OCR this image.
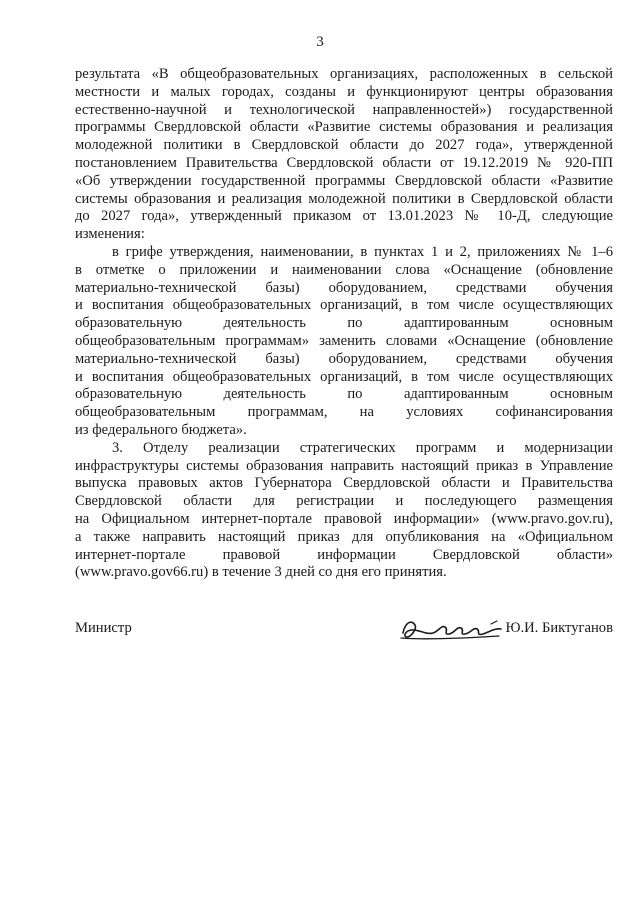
3

результата «В общеобразовательных организациях, расположенных в сельской

местности и малых городах, созданы и функционируют центры образования

естественно-научной и технологической направленностей») государственной

программы Свердловской области «Развитие системы образования и реализация

молодежной политики в Свердловской области до 2027 года», утвержденной

постановлением Правительства Свердловской области от 19.12.2019 № 920-ПП

«Об утверждении государственной программы Свердловской области «Развитие

системы образования и реализация молодежной политики в Свердловской области

до 2027 года», утвержденный приказом от 13.01.2023 № 10-Д, следующие

изменения:

в грифе утверждения, наименовании, в пунктах 1 и 2, приложениях № 1–6

в отметке о приложении и наименовании слова «Оснащение (обновление

материально-технической базы) оборудованием, средствами обучения

и воспитания общеобразовательных организаций, в том числе осуществляющих

образовательную деятельность по адаптированным основным

общеобразовательным программам» заменить словами «Оснащение (обновление

материально-технической базы) оборудованием, средствами обучения

и воспитания общеобразовательных организаций, в том числе осуществляющих

образовательную деятельность по адаптированным основным

общеобразовательным программам, на условиях софинансирования

из федерального бюджета».

3. Отделу реализации стратегических программ и модернизации

инфраструктуры системы образования направить настоящий приказ в Управление

выпуска правовых актов Губернатора Свердловской области и Правительства

Свердловской области для регистрации и последующего размещения

на Официальном интернет-портале правовой информации» (www.pravo.gov.ru),

а также направить настоящий приказ для опубликования на «Официальном

интернет-портале правовой информации Свердловской области»

(www.pravo.gov66.ru) в течение 3 дней со дня его принятия.

Министр	Ю.И. Биктуганов
